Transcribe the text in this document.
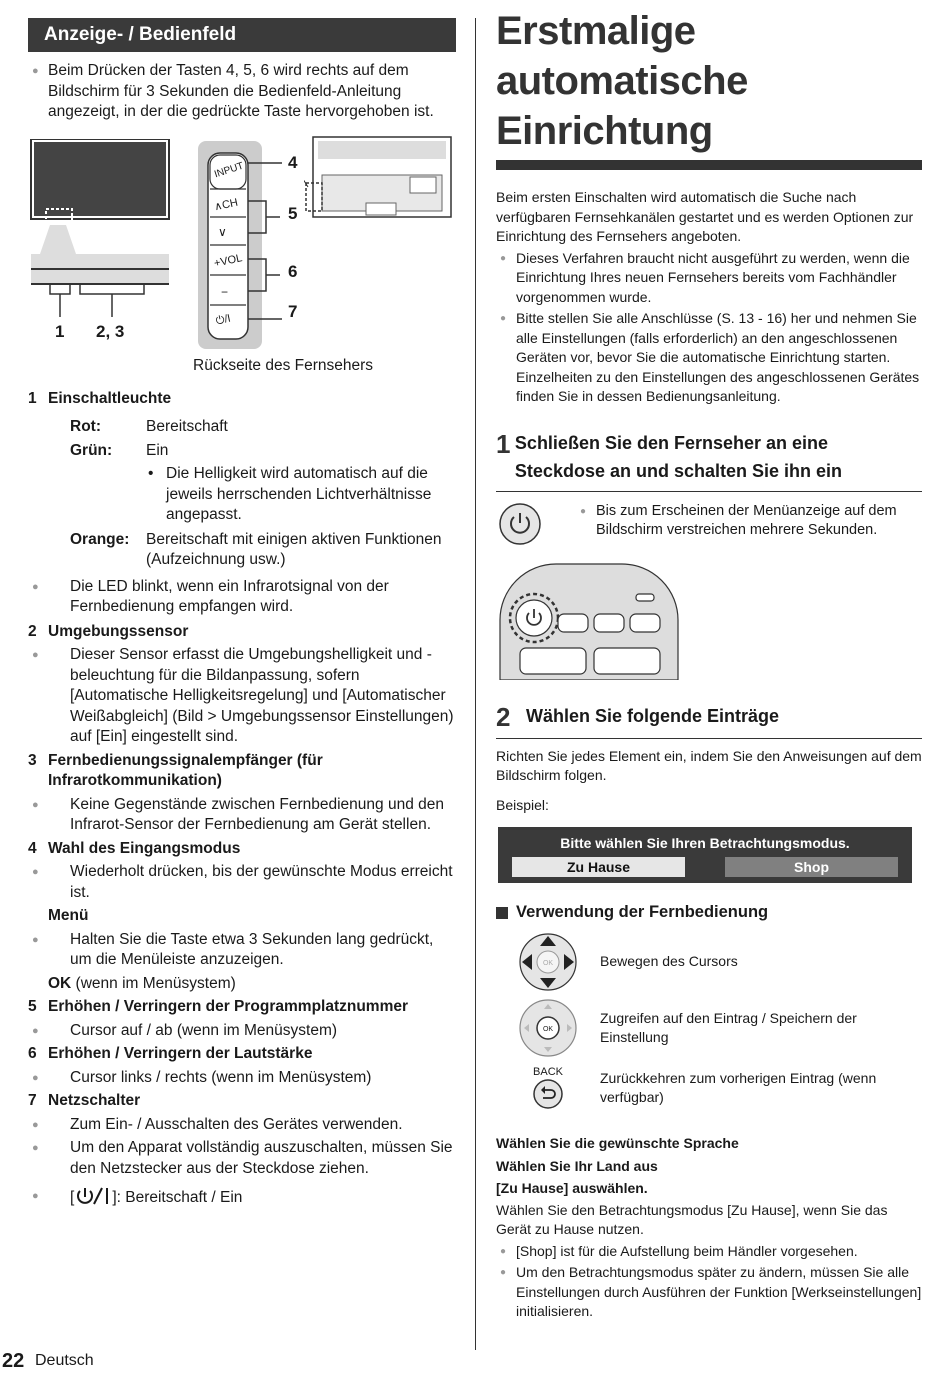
Anzeige- / Bedienfeld
● Beim Drücken der Tasten 4, 5, 6 wird rechts auf dem Bildschirm für 3 Sekunden die Bedienfeld-Anleitung angezeigt, in der die gedrückte Taste hervorgehoben ist.
1 2, 3
INPUT
∧CH
∨
+VOL
−
⏻/I	7
4
5
6
Rückseite des Fernsehers
1 Einschaltleuchte
Rot:	Bereitschaft
Grün:	Ein
• Die Helligkeit wird automatisch auf die jeweils herrschenden Lichtverhältnisse angepasst.
Orange:	Bereitschaft mit einigen aktiven Funktionen (Aufzeichnung usw.)
● Die LED blinkt, wenn ein Infrarotsignal von der Fernbedienung empfangen wird.
2 Umgebungssensor
● Dieser Sensor erfasst die Umgebungshelligkeit und -beleuchtung für die Bildanpassung, sofern [Automatische Helligkeitsregelung] und [Automatischer Weißabgleich] (Bild > Umgebungssensor Einstellungen) auf [Ein] eingestellt sind.
3 Fernbedienungssignalempfänger (für Infrarotkommunikation)
● Keine Gegenstände zwischen Fernbedienung und den Infrarot-Sensor der Fernbedienung am Gerät stellen.
4 Wahl des Eingangsmodus
● Wiederholt drücken, bis der gewünschte Modus erreicht ist.
Menü
● Halten Sie die Taste etwa 3 Sekunden lang gedrückt, um die Menüleiste anzuzeigen.
OK (wenn im Menüsystem)
5 Erhöhen / Verringern der Programmplatznummer
● Cursor auf / ab (wenn im Menüsystem)
6 Erhöhen / Verringern der Lautstärke
● Cursor links / rechts (wenn im Menüsystem)
7 Netzschalter
● Zum Ein- / Ausschalten des Gerätes verwenden.
● Um den Apparat vollständig auszuschalten, müssen Sie den Netzstecker aus der Steckdose ziehen.
● [ ]: Bereitschaft / Ein
Erstmalige automatische
Einrichtung
Beim ersten Einschalten wird automatisch die Suche nach verfügbaren Fernsehkanälen gestartet und es werden Optionen zur Einrichtung des Fernsehers angeboten.
● Dieses Verfahren braucht nicht ausgeführt zu werden, wenn die Einrichtung Ihres neuen Fernsehers bereits vom Fachhändler vorgenommen wurde.
● Bitte stellen Sie alle Anschlüsse (S. 13 - 16) her und nehmen Sie alle Einstellungen (falls erforderlich) an den angeschlossenen Geräten vor, bevor Sie die automatische Einrichtung starten. Einzelheiten zu den Einstellungen des angeschlossenen Gerätes finden Sie in dessen Bedienungsanleitung.
1 Schließen Sie den Fernseher an eine Steckdose an und schalten Sie ihn ein
● Bis zum Erscheinen der Menüanzeige auf dem Bildschirm verstreichen mehrere Sekunden.
2 Wählen Sie folgende Einträge
Richten Sie jedes Element ein, indem Sie den Anweisungen auf dem Bildschirm folgen.
Beispiel:
Bitte wählen Sie Ihren Betrachtungsmodus.
Zu Hause	Shop
Verwendung der Fernbedienung
OK	Bewegen des Cursors
OK
Zugreifen auf den Eintrag / Speichern der Einstellung
BACK	Zurückkehren zum vorherigen Eintrag (wenn verfügbar)
Wählen Sie die gewünschte Sprache
Wählen Sie Ihr Land aus
[Zu Hause] auswählen.
Wählen Sie den Betrachtungsmodus [Zu Hause], wenn Sie das Gerät zu Hause nutzen.
● [Shop] ist für die Aufstellung beim Händler vorgesehen.
● Um den Betrachtungsmodus später zu ändern, müssen Sie alle Einstellungen durch Ausführen der Funktion [Werkseinstellungen] initialisieren.
22 Deutsch
